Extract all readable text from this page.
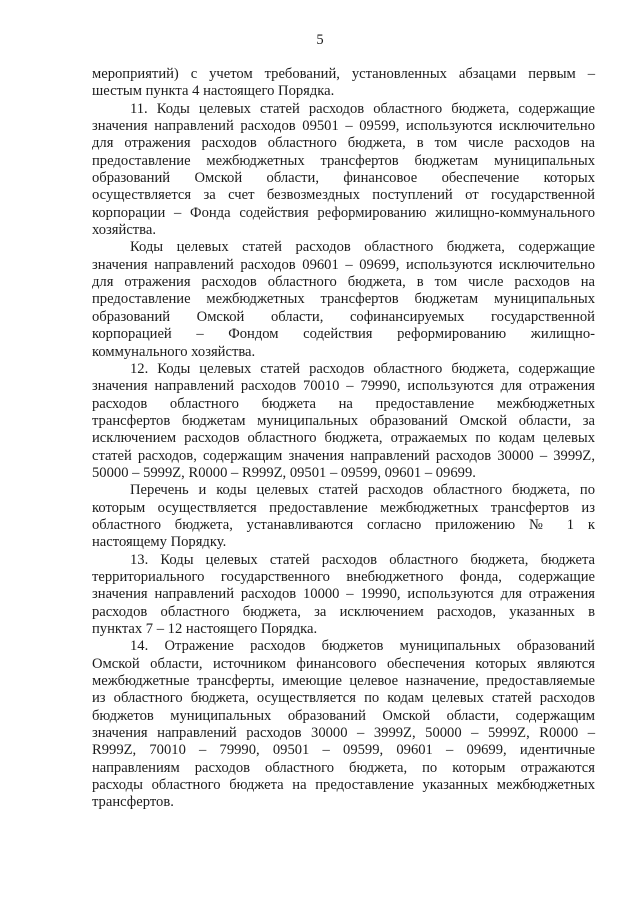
5

мероприятий) с учетом требований, установленных абзацами первым –
шестым пункта 4 настоящего Порядка.

11. Коды целевых статей расходов областного бюджета, содержащие
значения направлений расходов 09501 – 09599, используются исключительно
для отражения расходов областного бюджета, в том числе расходов на
предоставление межбюджетных трансфертов бюджетам муниципальных
образований Омской области, финансовое обеспечение которых
осуществляется за счет безвозмездных поступлений от государственной
корпорации – Фонда содействия реформированию жилищно-коммунального
хозяйства.

Коды целевых статей расходов областного бюджета, содержащие
значения направлений расходов 09601 – 09699, используются исключительно
для отражения расходов областного бюджета, в том числе расходов на
предоставление межбюджетных трансфертов бюджетам муниципальных
образований Омской области, софинансируемых государственной
корпорацией – Фондом содействия реформированию жилищно-
коммунального хозяйства.

12. Коды целевых статей расходов областного бюджета, содержащие
значения направлений расходов 70010 – 79990, используются для отражения
расходов областного бюджета на предоставление межбюджетных
трансфертов бюджетам муниципальных образований Омской области, за
исключением расходов областного бюджета, отражаемых по кодам целевых
статей расходов, содержащим значения направлений расходов 30000 – 3999Z,
50000 – 5999Z, R0000 – R999Z, 09501 – 09599, 09601 – 09699.

Перечень и коды целевых статей расходов областного бюджета, по
которым осуществляется предоставление межбюджетных трансфертов из
областного бюджета, устанавливаются согласно приложению № 1 к
настоящему Порядку.

13. Коды целевых статей расходов областного бюджета, бюджета
территориального государственного внебюджетного фонда, содержащие
значения направлений расходов 10000 – 19990, используются для отражения
расходов областного бюджета, за исключением расходов, указанных в
пунктах 7 – 12 настоящего Порядка.

14. Отражение расходов бюджетов муниципальных образований
Омской области, источником финансового обеспечения которых являются
межбюджетные трансферты, имеющие целевое назначение, предоставляемые
из областного бюджета, осуществляется по кодам целевых статей расходов
бюджетов муниципальных образований Омской области, содержащим
значения направлений расходов 30000 – 3999Z, 50000 – 5999Z, R0000 –
R999Z, 70010 – 79990, 09501 – 09599, 09601 – 09699, идентичные
направлениям расходов областного бюджета, по которым отражаются
расходы областного бюджета на предоставление указанных межбюджетных
трансфертов.
